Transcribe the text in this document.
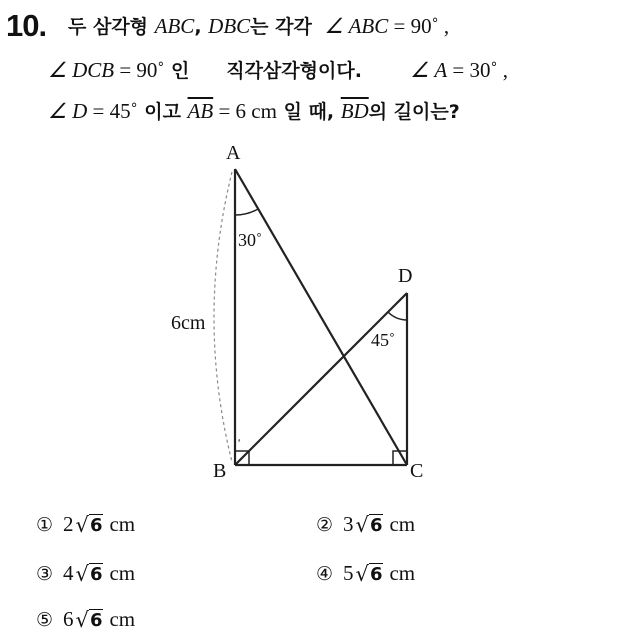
10. 두 삼각형 ABC, DBC는 각각  ∠ ABC = 90˚ ,
∠ DCB = 90˚ 인      직각삼각형이다. ∠ A = 30˚ ,
∠ D = 45˚ 이고 $\overline{AB} = 6$ cm 일 때, $\overline{BD}$의 길이는?
ᵃ
A
B	C
D
30˚
45˚
6cm
① 2 √ 6 cm	② 3 √ 6 cm
③ 4 √ 6 cm	④ 5 √ 6 cm
⑤ 6 √ 6 cm
